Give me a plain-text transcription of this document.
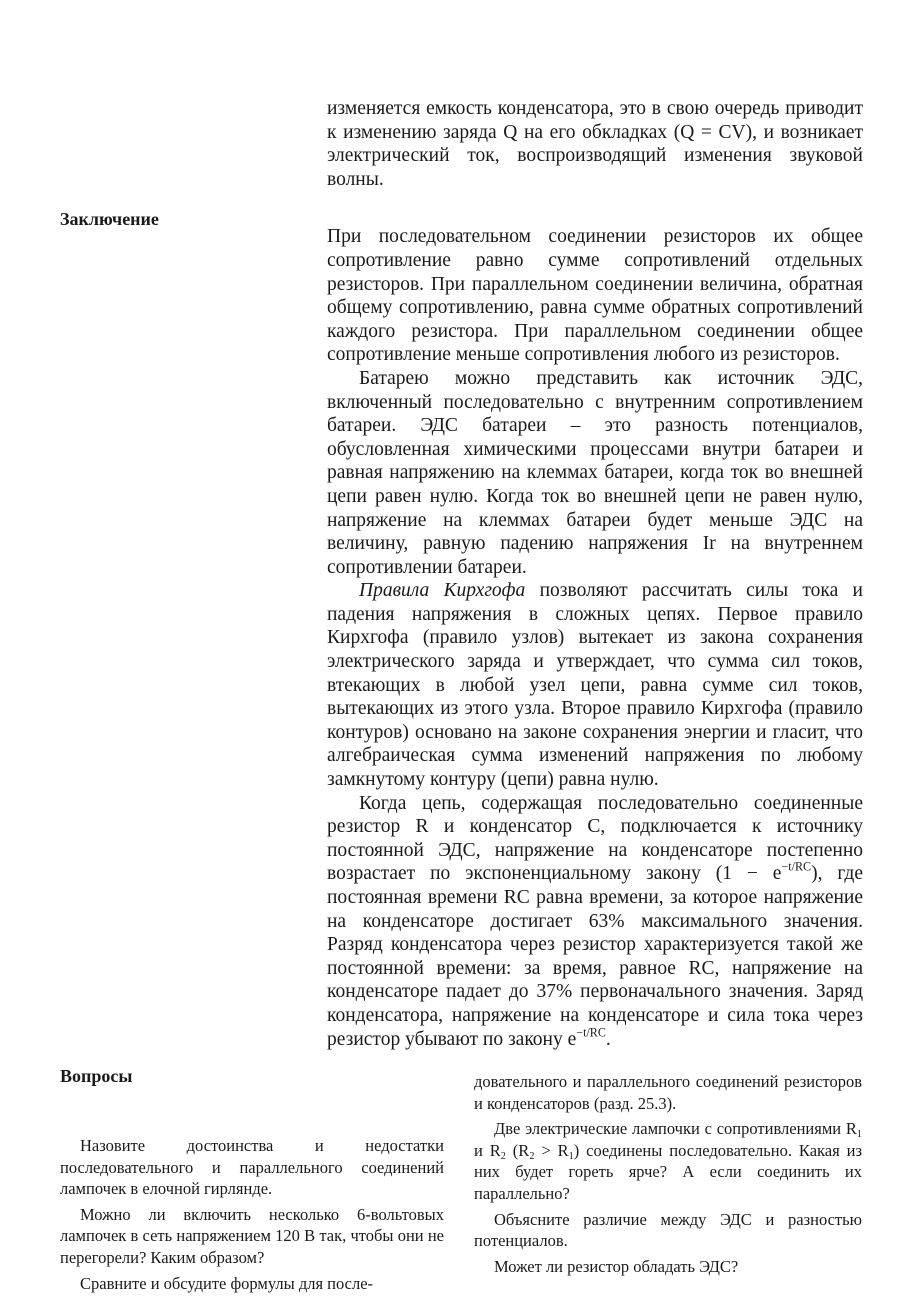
Заключение

изменяется емкость конденсатора, это в свою очередь приводит к изменению заряда Q на его обкладках (Q = CV), и возникает электрический ток, воспроизводящий изменения звуковой волны.

При последовательном соединении резисторов их общее сопротивление равно сумме сопротивлений отдельных резисторов. При параллельном соединении величина, обратная общему сопротивлению, равна сумме обратных сопротивлений каждого резистора. При параллельном соединении общее сопротивление меньше сопротивления любого из резисторов.

Батарею можно представить как источник ЭДС, включенный последовательно с внутренним сопротивлением батареи. ЭДС батареи – это разность потенциалов, обусловленная химическими процессами внутри батареи и равная напряжению на клеммах батареи, когда ток во внешней цепи равен нулю. Когда ток во внешней цепи не равен нулю, напряжение на клеммах батареи будет меньше ЭДС на величину, равную падению напряжения Ir на внутреннем сопротивлении батареи.

Правила Кирхгофа позволяют рассчитать силы тока и падения напряжения в сложных цепях. Первое правило Кирхгофа (правило узлов) вытекает из закона сохранения электрического заряда и утверждает, что сумма сил токов, втекающих в любой узел цепи, равна сумме сил токов, вытекающих из этого узла. Второе правило Кирхгофа (правило контуров) основано на законе сохранения энергии и гласит, что алгебраическая сумма изменений напряжения по любому замкнутому контуру (цепи) равна нулю.

Когда цепь, содержащая последовательно соединенные резистор R и конденсатор C, подключается к источнику постоянной ЭДС, напряжение на конденсаторе постепенно возрастает по экспоненциальному закону $(1 - e^{-t/RC})$, где постоянная времени RC равна времени, за которое напряжение на конденсаторе достигает 63% максимального значения. Разряд конденсатора через резистор характеризуется такой же постоянной времени: за время, равное RC, напряжение на конденсаторе падает до 37% первоначального значения. Заряд конденсатора, напряжение на конденсаторе и сила тока через резистор убывают по закону $e^{-t/RC}$.

Вопросы

Назовите достоинства и недостатки последовательного и параллельного соединений лампочек в елочной гирлянде.

Можно ли включить несколько 6-вольтовых лампочек в сеть напряжением 120 В так, чтобы они не перегорели? Каким образом?

Сравните и обсудите формулы для после-

довательного и параллельного соединений резисторов и конденсаторов (разд. 25.3).

Две электрические лампочки с сопротивлениями $R_1$ и $R_2$ $(R_2 > R_1)$ соединены последовательно. Какая из них будет гореть ярче? А если соединить их параллельно?

Объясните различие между ЭДС и разностью потенциалов.

Может ли резистор обладать ЭДС?
